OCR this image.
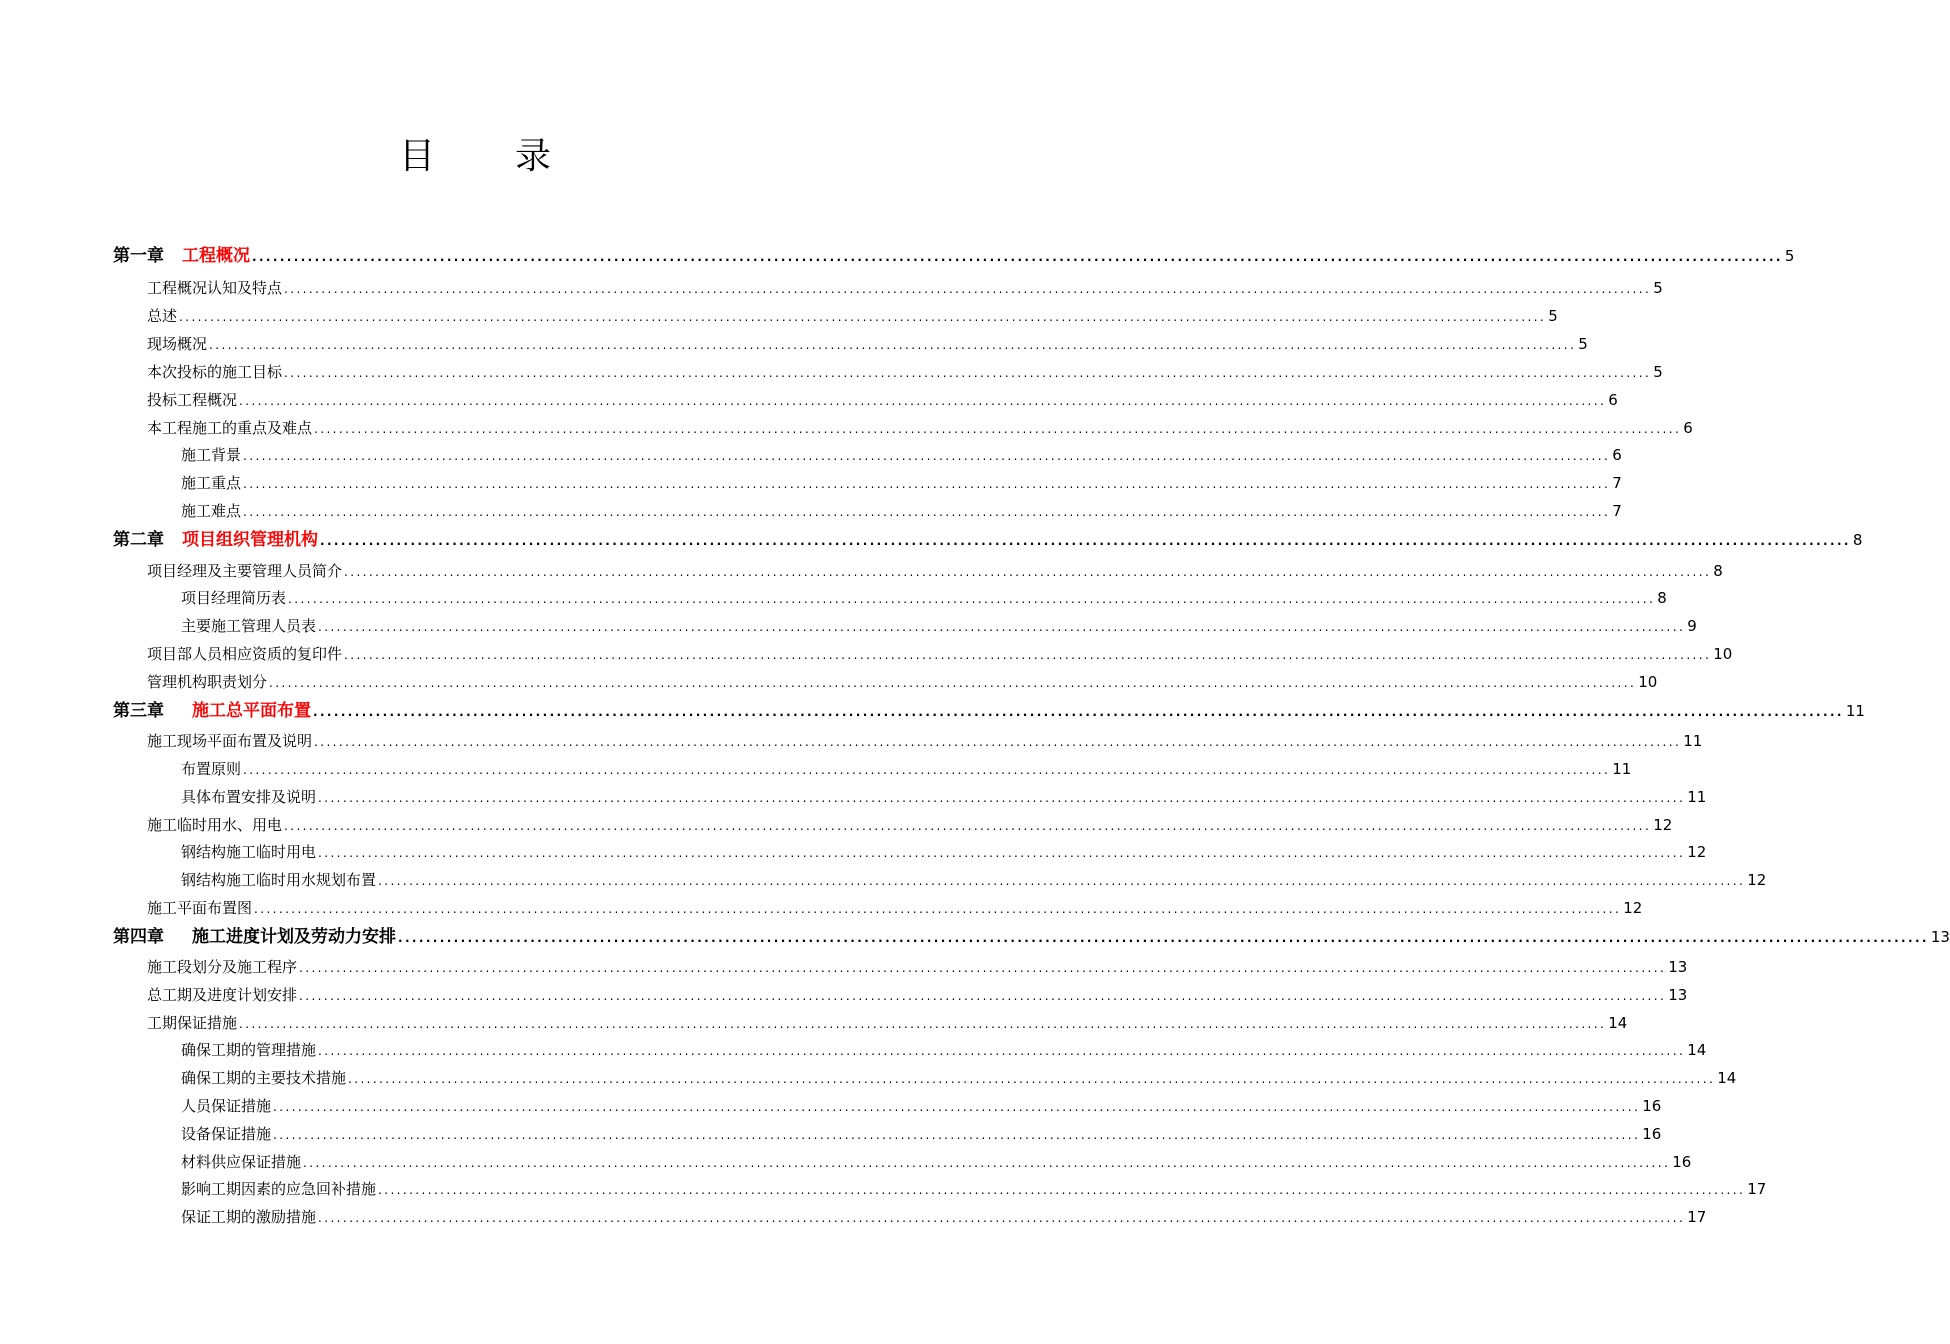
目 录
第一章 工程概况 ............................................................................................................................................................................................................................ 5
工程概况认知及特点 ............................................................................................................................................................................................................................ 5
总述 ............................................................................................................................................................................................................................ 5
现场概况 ............................................................................................................................................................................................................................ 5
本次投标的施工目标 ............................................................................................................................................................................................................................ 5
投标工程概况 ............................................................................................................................................................................................................................ 6
本工程施工的重点及难点 ............................................................................................................................................................................................................................ 6
施工背景 ............................................................................................................................................................................................................................ 6
施工重点 ............................................................................................................................................................................................................................ 7
施工难点 ............................................................................................................................................................................................................................ 7
第二章 项目组织管理机构 ............................................................................................................................................................................................................................ 8
项目经理及主要管理人员简介 ............................................................................................................................................................................................................................ 8
项目经理简历表 ............................................................................................................................................................................................................................ 8
主要施工管理人员表 ............................................................................................................................................................................................................................ 9
项目部人员相应资质的复印件 ............................................................................................................................................................................................................................ 10
管理机构职责划分 ............................................................................................................................................................................................................................ 10
第三章 施工总平面布置 ............................................................................................................................................................................................................................ 11
施工现场平面布置及说明 ............................................................................................................................................................................................................................ 11
布置原则 ............................................................................................................................................................................................................................ 11
具体布置安排及说明 ............................................................................................................................................................................................................................ 11
施工临时用水、用电 ............................................................................................................................................................................................................................ 12
钢结构施工临时用电 ............................................................................................................................................................................................................................ 12
钢结构施工临时用水规划布置 ............................................................................................................................................................................................................................ 12
施工平面布置图 ............................................................................................................................................................................................................................ 12
第四章 施工进度计划及劳动力安排 ............................................................................................................................................................................................................................ 13
施工段划分及施工程序 ............................................................................................................................................................................................................................ 13
总工期及进度计划安排 ............................................................................................................................................................................................................................ 13
工期保证措施 ............................................................................................................................................................................................................................ 14
确保工期的管理措施 ............................................................................................................................................................................................................................ 14
确保工期的主要技术措施 ............................................................................................................................................................................................................................ 14
人员保证措施 ............................................................................................................................................................................................................................ 16
设备保证措施 ............................................................................................................................................................................................................................ 16
材料供应保证措施 ............................................................................................................................................................................................................................ 16
影响工期因素的应急回补措施 ............................................................................................................................................................................................................................ 17
保证工期的激励措施 ............................................................................................................................................................................................................................ 17
